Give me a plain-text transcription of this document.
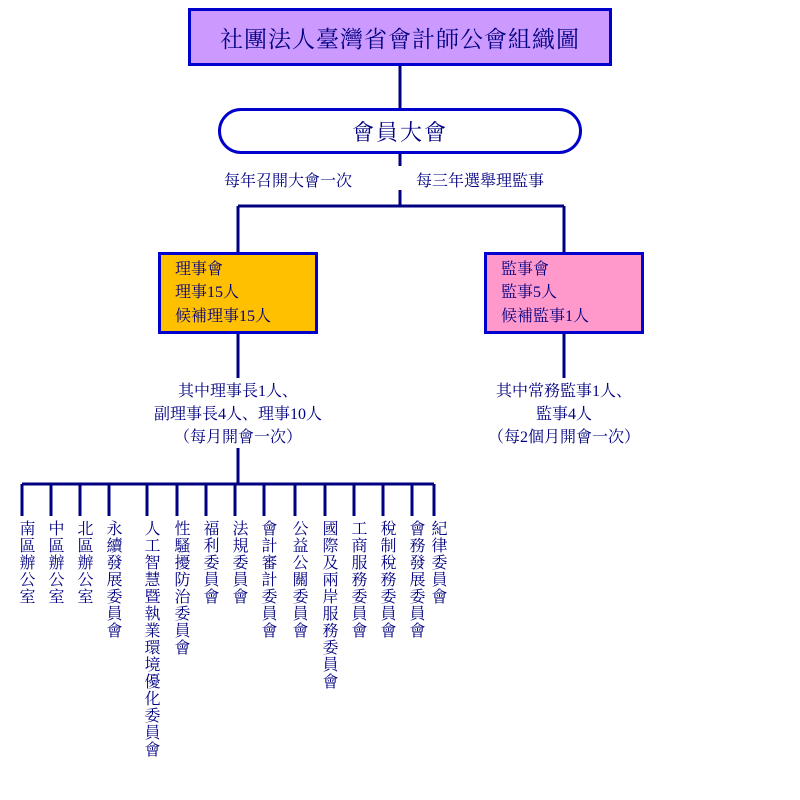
社團法人臺灣省會計師公會組織圖
會員大會
每年召開大會一次	每三年選舉理監事
理事會
理事15人
候補理事15人
監事會
監事5人
候補監事1人
其中理事長1人、
副理事長4人、理事10人
（每月開會一次）
其中常務監事1人、
監事4人
（每2個月開會一次）
南區辦公室 中區辦公室 北區辦公室 永續發展委員會	人工智慧暨執業環境優化委員會 性騷擾防治委員會 福利委員會 法規委員會 會計審計委員會 公益公關委員會 國際及兩岸服務委員會 工商服務委員會 稅制稅務委員會 會務發展委員會 紀律委員會
